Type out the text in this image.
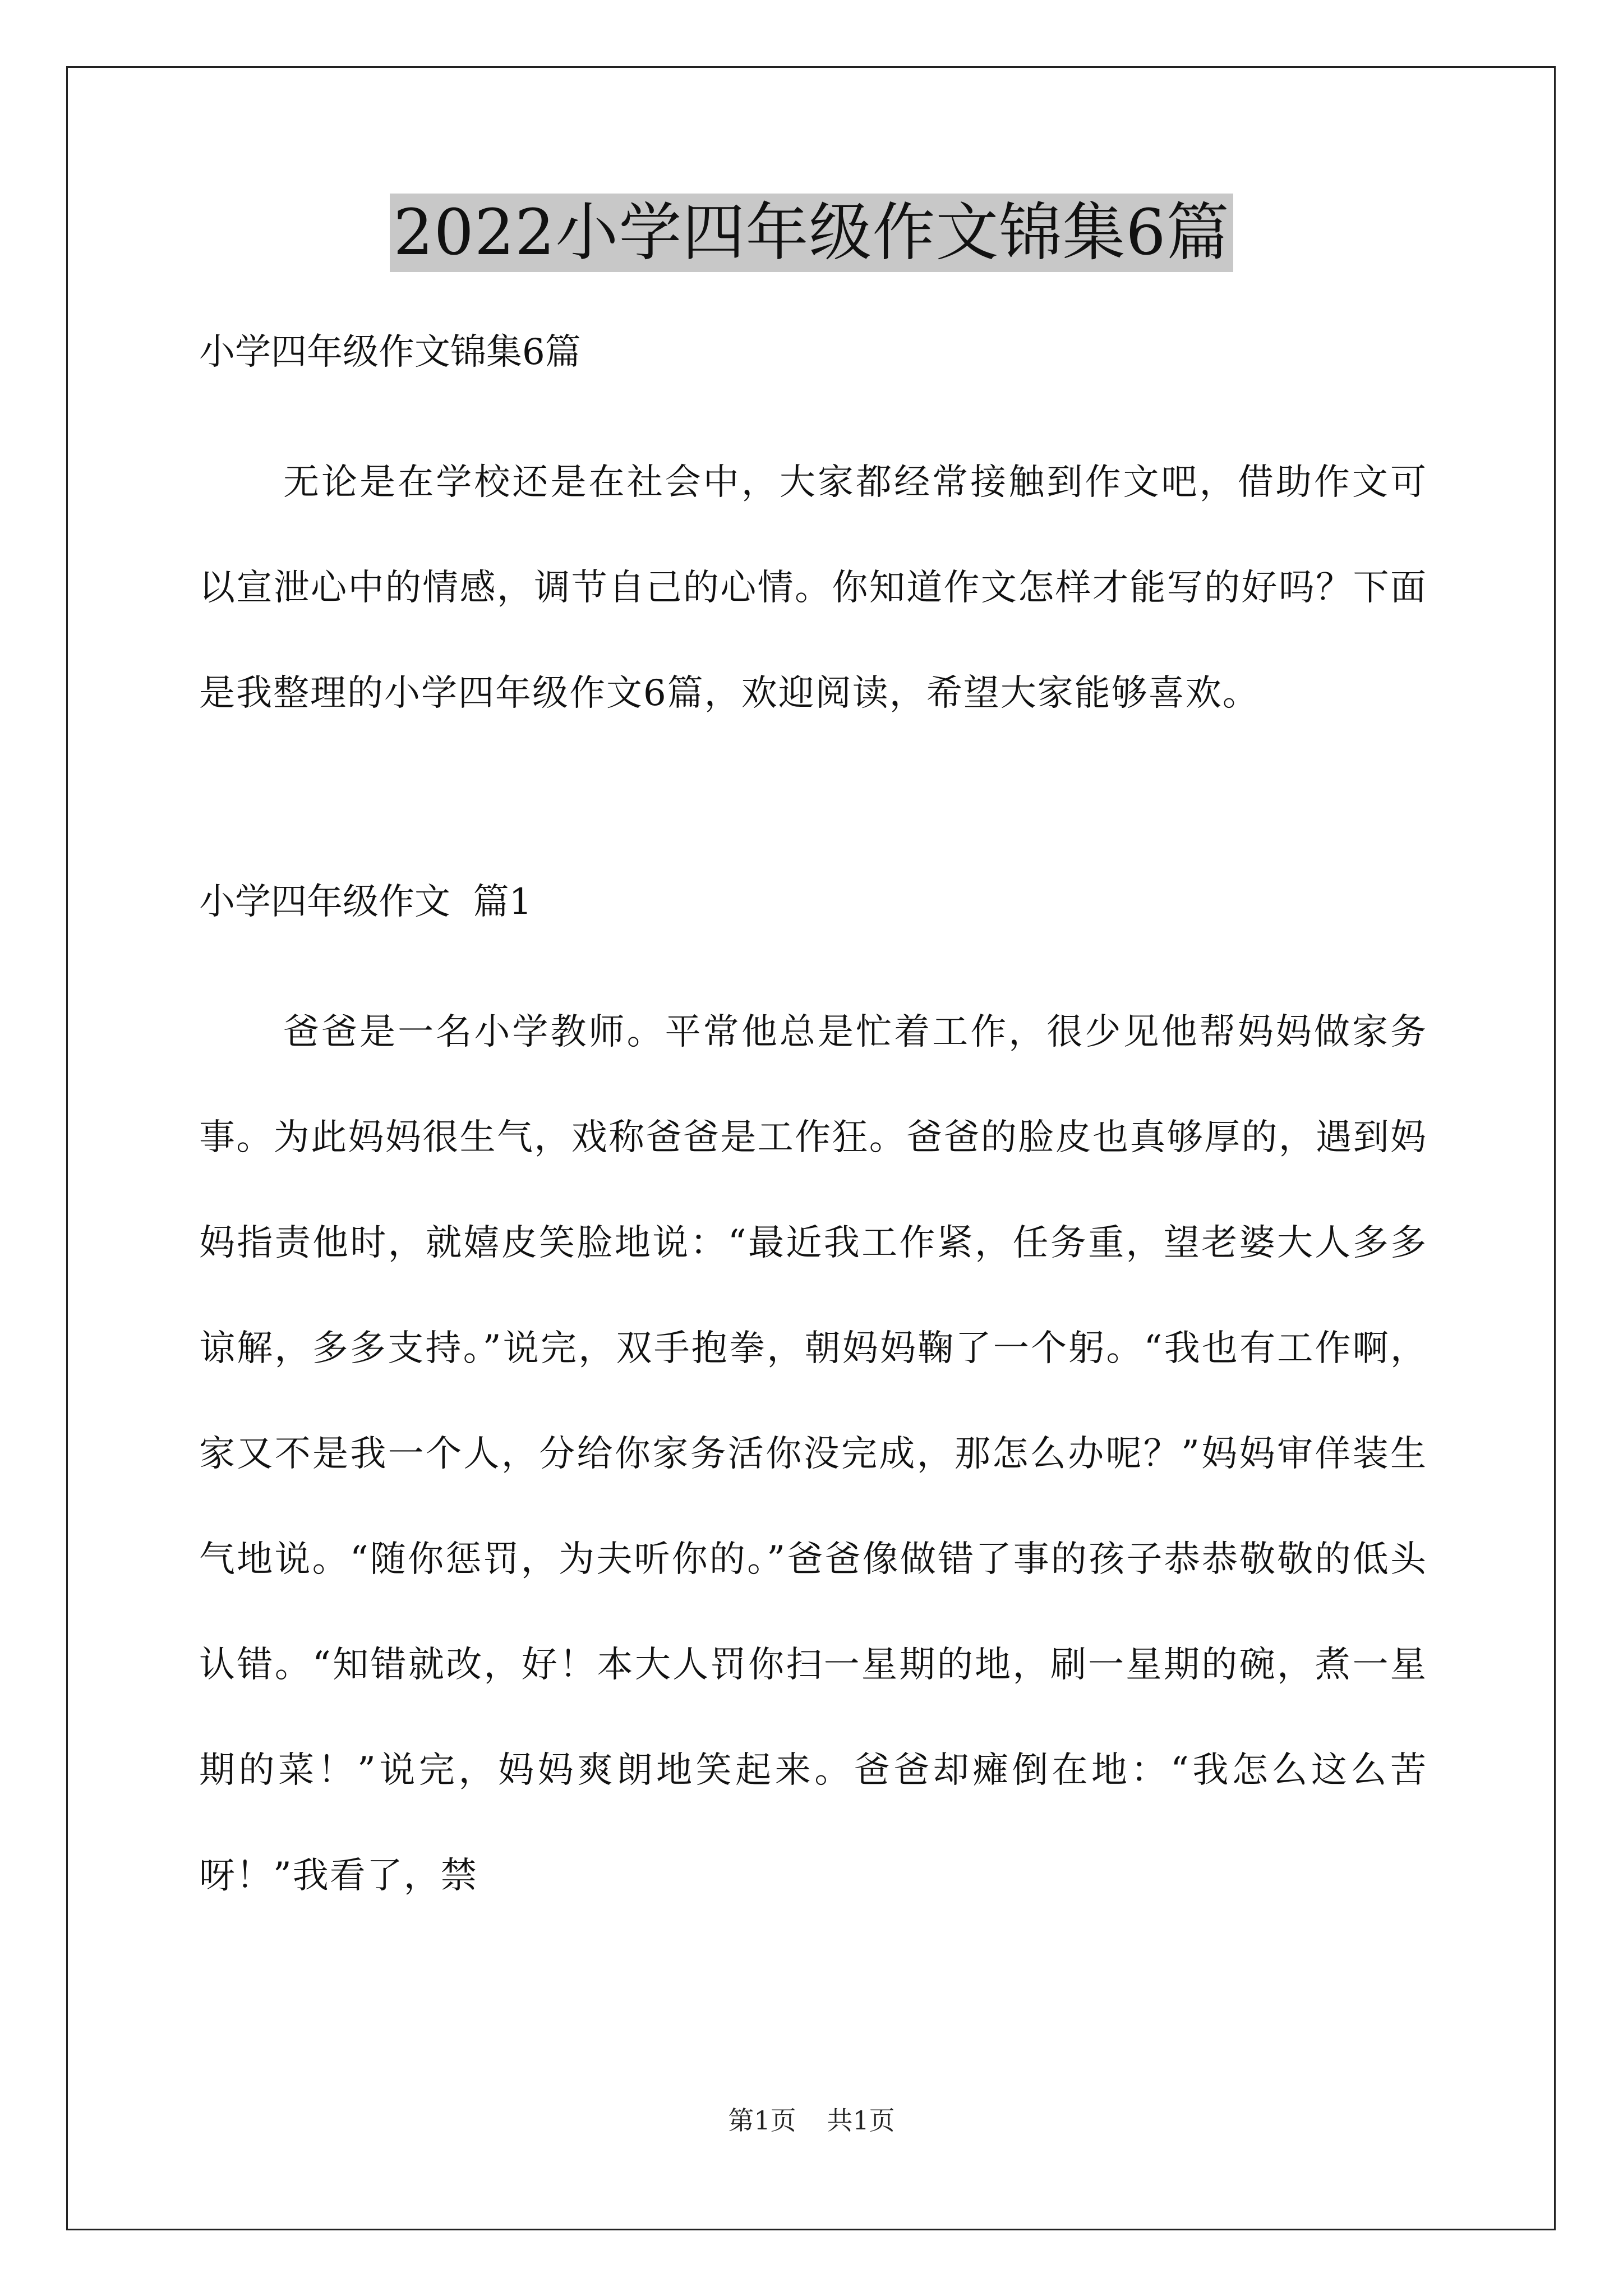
2022小学四年级作文锦集6篇

小学四年级作文锦集6篇

无论是在学校还是在社会中，大家都经常接触到作文吧，借助作文可以宣泄心中的情感，调节自己的心情。你知道作文怎样才能写的好吗？下面是我整理的小学四年级作文6篇，欢迎阅读，希望大家能够喜欢。

小学四年级作文  篇1

爸爸是一名小学教师。平常他总是忙着工作，很少见他帮妈妈做家务事。为此妈妈很生气，戏称爸爸是工作狂。爸爸的脸皮也真够厚的，遇到妈妈指责他时，就嬉皮笑脸地说：“最近我工作紧，任务重，望老婆大人多多谅解，多多支持。”说完，双手抱拳，朝妈妈鞠了一个躬。“我也有工作啊，家又不是我一个人，分给你家务活你没完成，那怎么办呢？”妈妈审佯装生气地说。“随你惩罚，为夫听你的。”爸爸像做错了事的孩子恭恭敬敬的低头认错。“知错就改，好！本大人罚你扫一星期的地，刷一星期的碗，煮一星期的菜！”说完，妈妈爽朗地笑起来。爸爸却瘫倒在地：“我怎么这么苦呀！”我看了，禁

第1页 共1页
